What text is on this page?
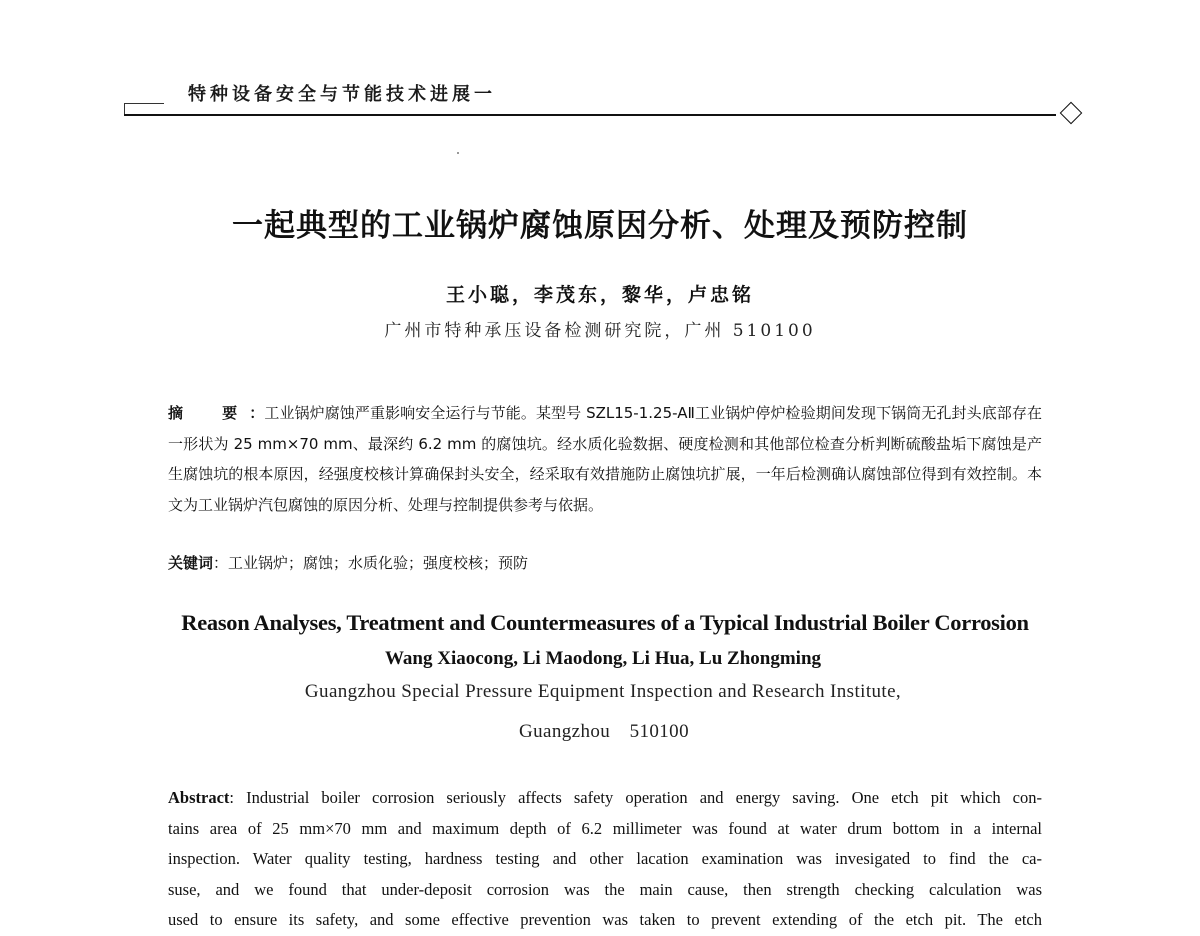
特种设备安全与节能技术进展一
一起典型的工业锅炉腐蚀原因分析、处理及预防控制
王小聪，李茂东，黎华，卢忠铭
广州市特种承压设备检测研究院，广州 510100
摘　要：工业锅炉腐蚀严重影响安全运行与节能。某型号 SZL15-1.25-AⅡ工业锅炉停炉检验期间发现下锅筒无孔封头底部存在一形状为 25 mm×70 mm、最深约 6.2 mm 的腐蚀坑。经水质化验数据、硬度检测和其他部位检查分析判断硫酸盐垢下腐蚀是产生腐蚀坑的根本原因，经强度校核计算确保封头安全，经采取有效措施防止腐蚀坑扩展，一年后检测确认腐蚀部位得到有效控制。本文为工业锅炉汽包腐蚀的原因分析、处理与控制提供参考与依据。
关键词：工业锅炉；腐蚀；水质化验；强度校核；预防
Reason Analyses, Treatment and Countermeasures of a Typical Industrial Boiler Corrosion
Wang Xiaocong, Li Maodong, Li Hua, Lu Zhongming
Guangzhou Special Pressure Equipment Inspection and Research Institute,
Guangzhou　510100
Abstract: Industrial boiler corrosion seriously affects safety operation and energy saving. One etch pit which con-
tains area of 25 mm×70 mm and maximum depth of 6.2 millimeter was found at water drum bottom in a internal
inspection. Water quality testing, hardness testing and other lacation examination was invesigated to find the ca-
suse, and we found that under-deposit corrosion was the main cause, then strength checking calculation was
used to ensure its safety, and some effective prevention was taken to prevent extending of the etch pit. The etch
